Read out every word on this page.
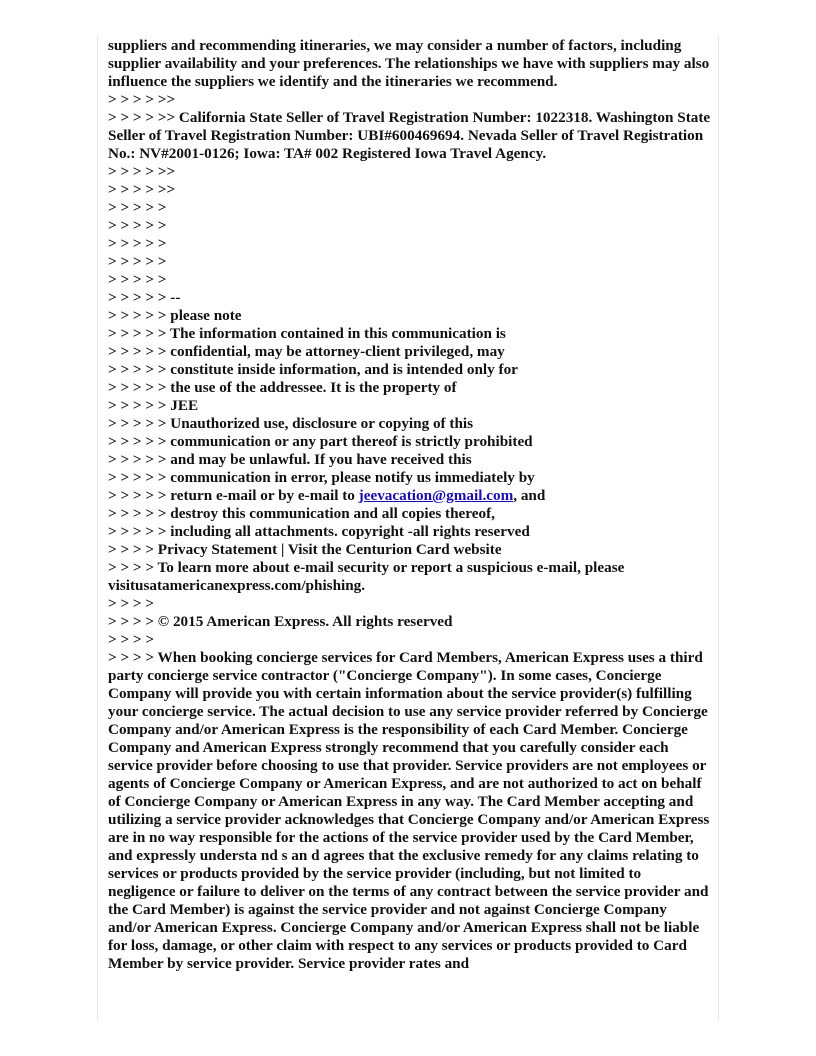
suppliers and recommending itineraries, we may consider a number of factors, including supplier availability and your preferences. The relationships we have with suppliers may also influence the suppliers we identify and the itineraries we recommend.

> > > > >>

> > > > >> California State Seller of Travel Registration Number: 1022318. Washington State Seller of Travel Registration Number: UBI#600469694. Nevada Seller of Travel Registration No.: NV#2001-0126; Iowa: TA# 002 Registered Iowa Travel Agency.

> > > > >>

> > > > >>

> > > > >

> > > > >

> > > > >

> > > > >

> > > > >

> > > > > --

> > > > > please note

> > > > > The information contained in this communication is

> > > > > confidential, may be attorney-client privileged, may

> > > > > constitute inside information, and is intended only for

> > > > > the use of the addressee. It is the property of

> > > > > JEE

> > > > > Unauthorized use, disclosure or copying of this

> > > > > communication or any part thereof is strictly prohibited

> > > > > and may be unlawful. If you have received this

> > > > > communication in error, please notify us immediately by

> > > > > return e-mail or by e-mail to jeevacation@gmail.com, and

> > > > > destroy this communication and all copies thereof,

> > > > > including all attachments. copyright -all rights reserved

> > > > Privacy Statement | Visit the Centurion Card website

> > > > To learn more about e-mail security or report a suspicious e-mail, please visitusatamericanexpress.com/phishing.

> > > >

> > > > © 2015 American Express. All rights reserved

> > > >

> > > > When booking concierge services for Card Members, American Express uses a third party concierge service contractor ("Concierge Company"). In some cases, Concierge Company will provide you with certain information about the service provider(s) fulfilling your concierge service. The actual decision to use any service provider referred by Concierge Company and/or American Express is the responsibility of each Card Member. Concierge Company and American Express strongly recommend that you carefully consider each service provider before choosing to use that provider. Service providers are not employees or agents of Concierge Company or American Express, and are not authorized to act on behalf of Concierge Company or American Express in any way. The Card Member accepting and utilizing a service provider acknowledges that Concierge Company and/or American Express are in no way responsible for the actions of the service provider used by the Card Member, and expressly understa nd s an d agrees that the exclusive remedy for any claims relating to services or products provided by the service provider (including, but not limited to negligence or failure to deliver on the terms of any contract between the service provider and the Card Member) is against the service provider and not against Concierge Company and/or American Express. Concierge Company and/or American Express shall not be liable for loss, damage, or other claim with respect to any services or products provided to Card Member by service provider. Service provider rates and
